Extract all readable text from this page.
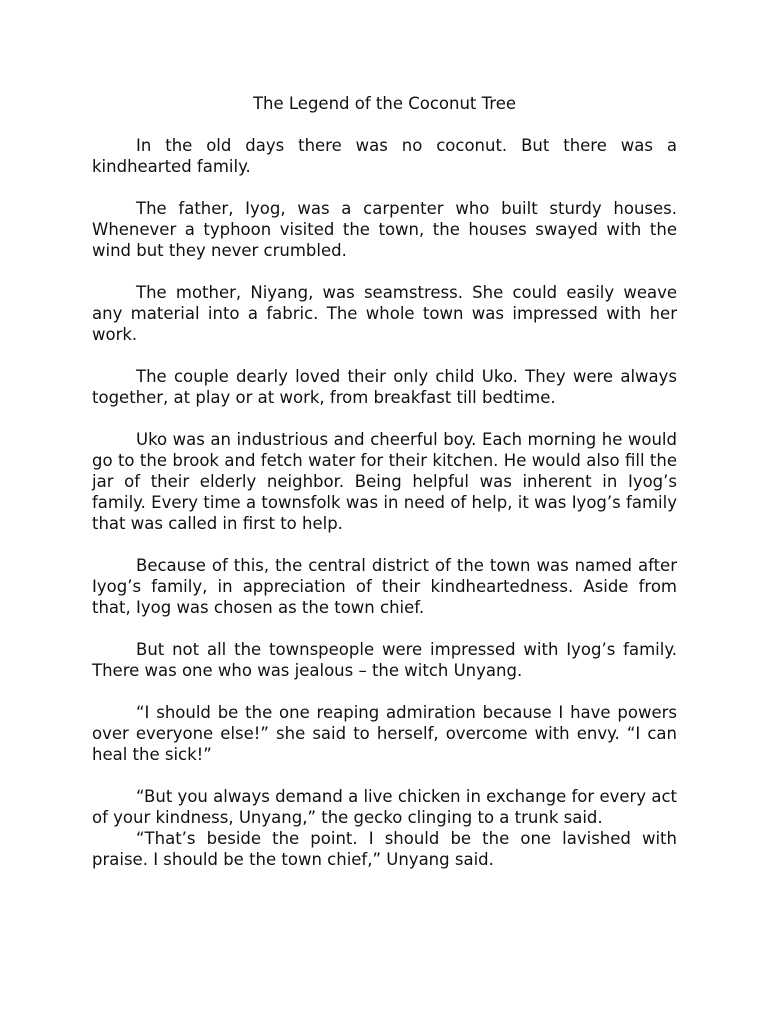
The Legend of the Coconut Tree

In the old days there was no coconut. But there was a kindhearted family.

The father, Iyog, was a carpenter who built sturdy houses. Whenever a typhoon visited the town, the houses swayed with the wind but they never crumbled.

The mother, Niyang, was seamstress. She could easily weave any material into a fabric. The whole town was impressed with her work.

The couple dearly loved their only child Uko. They were always together, at play or at work, from breakfast till bedtime.

Uko was an industrious and cheerful boy. Each morning he would go to the brook and fetch water for their kitchen. He would also fill the jar of their elderly neighbor. Being helpful was inherent in Iyog’s family. Every time a townsfolk was in need of help, it was Iyog’s family that was called in first to help.

Because of this, the central district of the town was named after Iyog’s family, in appreciation of their kindheartedness. Aside from that, Iyog was chosen as the town chief.

But not all the townspeople were impressed with Iyog’s family. There was one who was jealous – the witch Unyang.

“I should be the one reaping admiration because I have powers over everyone else!” she said to herself, overcome with envy. “I can heal the sick!”

“But you always demand a live chicken in exchange for every act of your kindness, Unyang,” the gecko clinging to a trunk said.

“That’s beside the point. I should be the one lavished with praise. I should be the town chief,” Unyang said.
